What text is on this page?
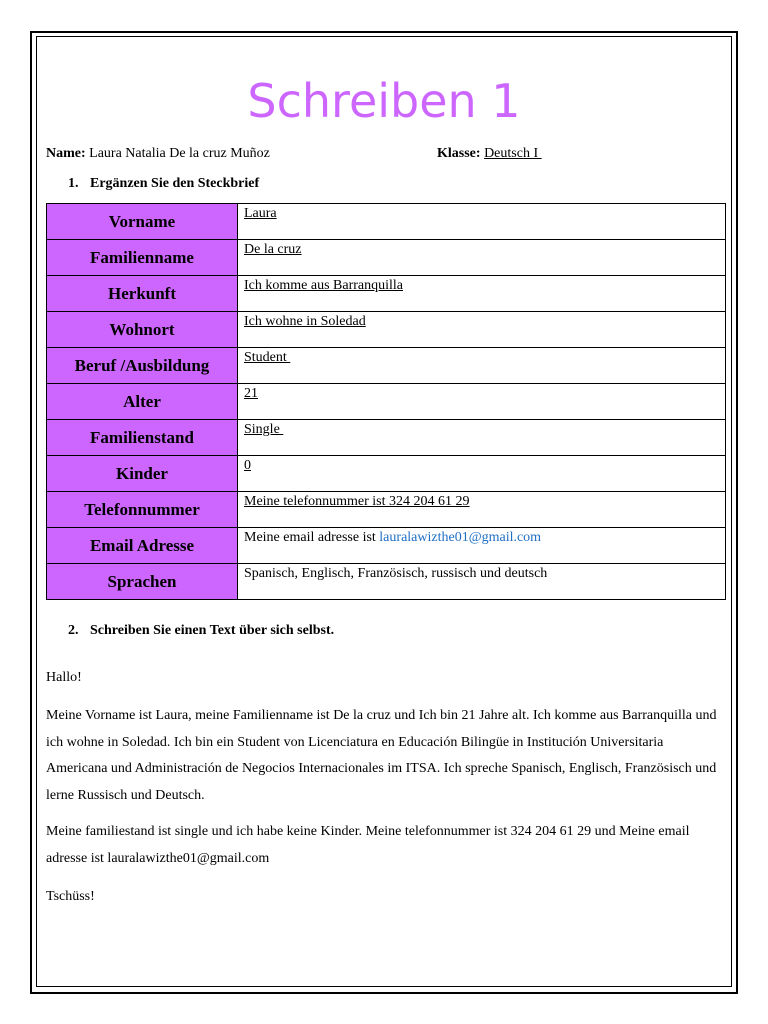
Schreiben 1
Name: Laura Natalia De la cruz Muñoz	Klasse: Deutsch I
1. Ergänzen Sie den Steckbrief
Vorname	Laura
Familienname	De la cruz
Herkunft	Ich komme aus Barranquilla
Wohnort	Ich wohne in Soledad
Beruf /Ausbildung	Student
Alter	21
Familienstand	Single
Kinder	0
Telefonnummer	Meine telefonnummer ist 324 204 61 29
Email Adresse	Meine email adresse ist lauralawizthe01@gmail.com
Sprachen	Spanisch, Englisch, Französisch, russisch und deutsch
2. Schreiben Sie einen Text über sich selbst.
Hallo!
Meine Vorname ist Laura, meine Familienname ist De la cruz und Ich bin 21 Jahre alt. Ich komme aus Barranquilla und ich wohne in Soledad. Ich bin ein Student von Licenciatura en Educación Bilingüe in Institución Universitaria Americana und Administración de Negocios Internacionales im ITSA. Ich spreche Spanisch, Englisch, Französisch und lerne Russisch und Deutsch.
Meine familiestand ist single und ich habe keine Kinder. Meine telefonnummer ist 324 204 61 29 und Meine email adresse ist lauralawizthe01@gmail.com
Tschüss!
